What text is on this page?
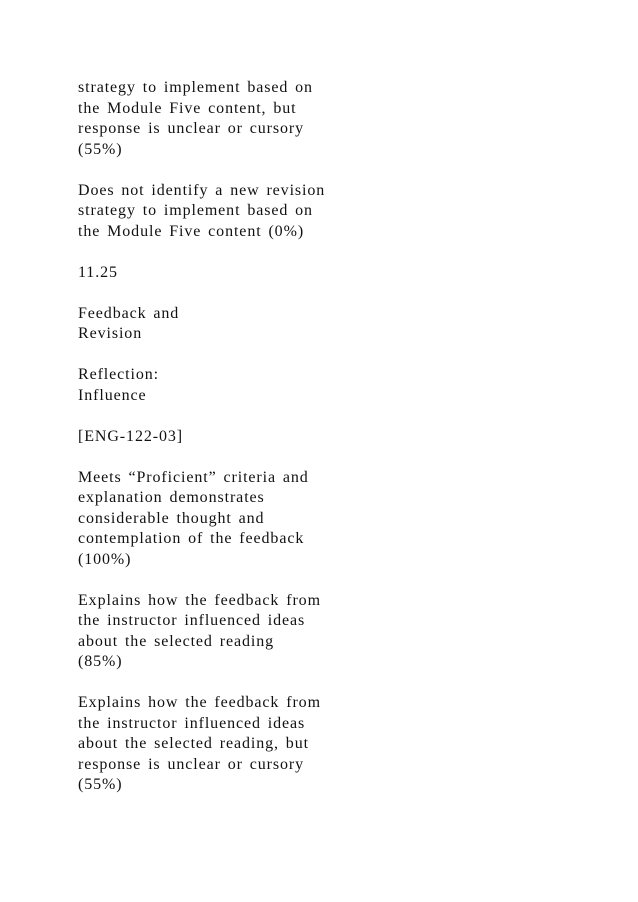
strategy to implement based on
the Module Five content, but
response is unclear or cursory
(55%)

Does not identify a new revision
strategy to implement based on
the Module Five content (0%)

11.25

Feedback and
Revision

Reflection:
Influence

[ENG-122-03]

Meets “Proficient” criteria and
explanation demonstrates
considerable thought and
contemplation of the feedback
(100%)

Explains how the feedback from
the instructor influenced ideas
about the selected reading
(85%)

Explains how the feedback from
the instructor influenced ideas
about the selected reading, but
response is unclear or cursory
(55%)
